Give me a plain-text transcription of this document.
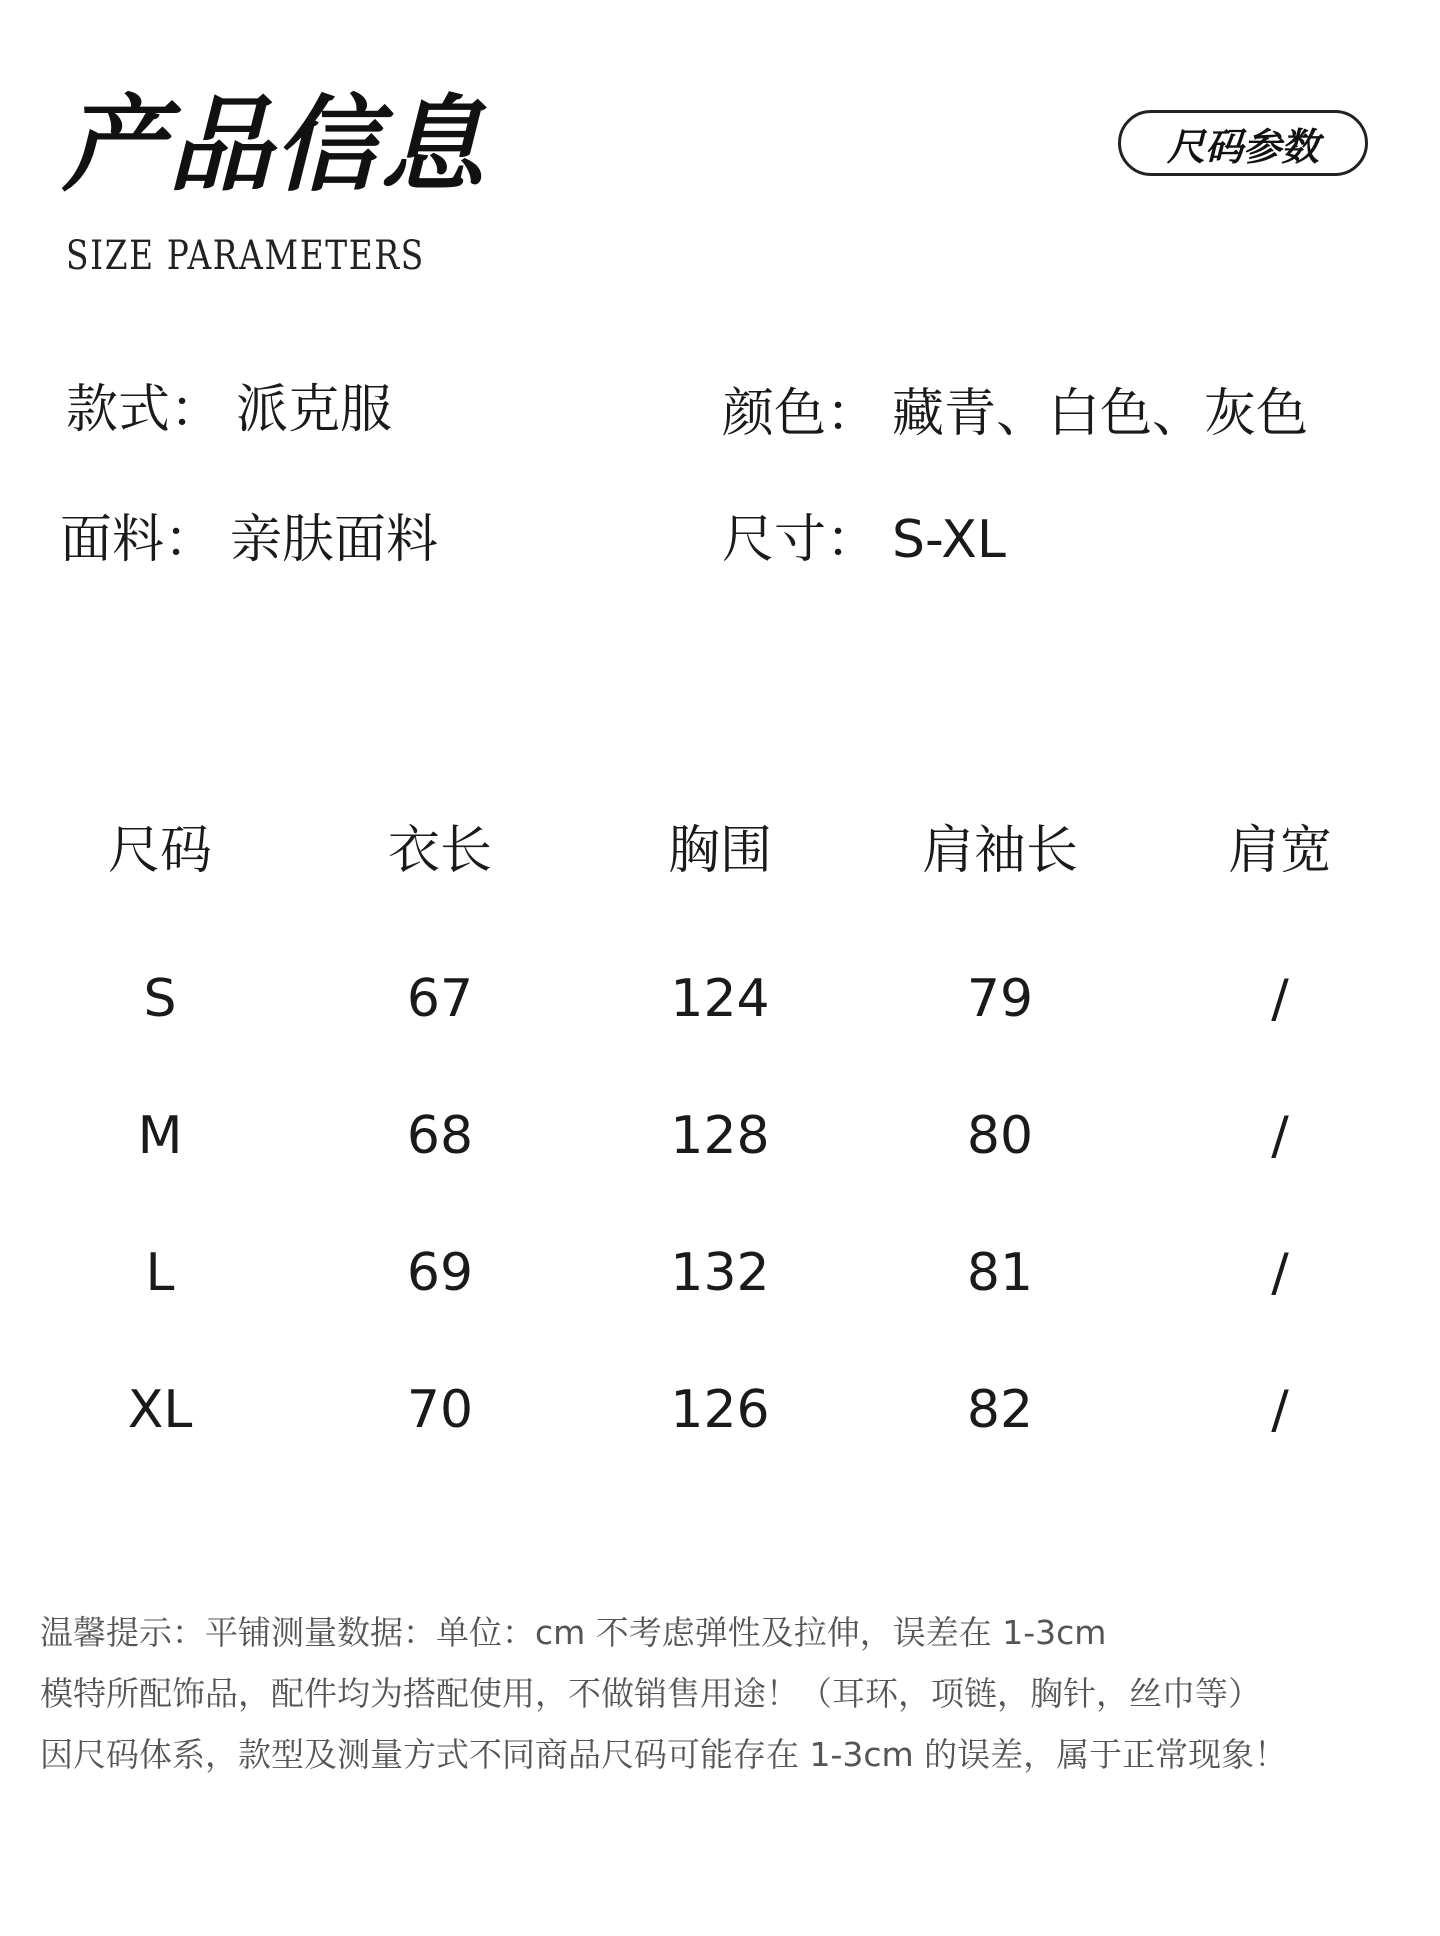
产品信息
SIZE PARAMETERS
尺码参数
款式： 派克服	颜色： 藏青、白色、灰色
面料： 亲肤面料	尺寸： S-XL
尺码	衣长	胸围	肩袖长	肩宽
S	67	124	79	/
M	68	128	80	/
L	69	132	81	/
XL	70	126	82	/
温馨提示：平铺测量数据：单位：cm 不考虑弹性及拉伸，误差在 1-3cm
模特所配饰品，配件均为搭配使用，不做销售用途！（耳环，项链，胸针，丝巾等）
因尺码体系，款型及测量方式不同商品尺码可能存在 1-3cm 的误差，属于正常现象！
